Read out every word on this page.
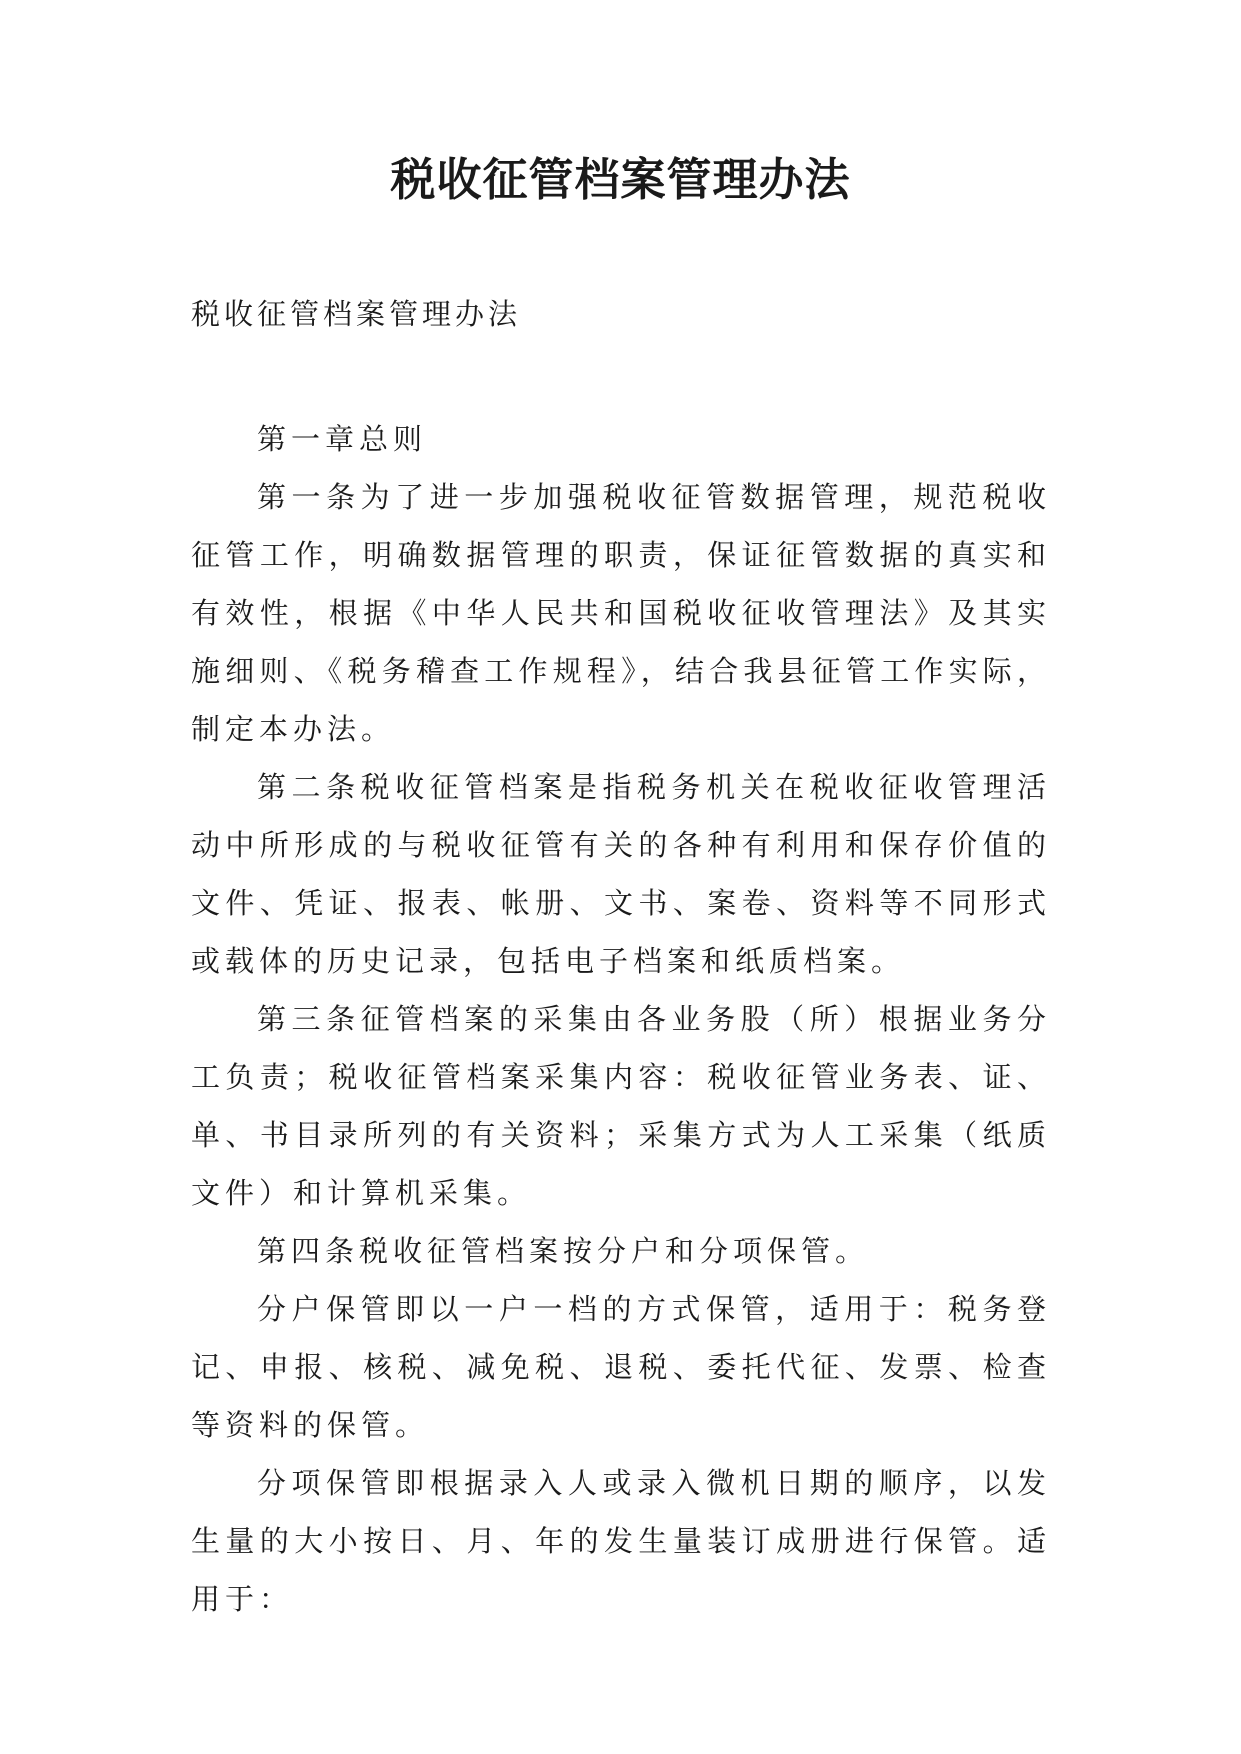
税收征管档案管理办法

税收征管档案管理办法

第一章总则

第一条为了进一步加强税收征管数据管理，规范税收征管工作，明确数据管理的职责，保证征管数据的真实和有效性，根据《中华人民共和国税收征收管理法》及其实施细则、《税务稽查工作规程》，结合我县征管工作实际，制定本办法。

第二条税收征管档案是指税务机关在税收征收管理活动中所形成的与税收征管有关的各种有利用和保存价值的文件、凭证、报表、帐册、文书、案卷、资料等不同形式或载体的历史记录，包括电子档案和纸质档案。

第三条征管档案的采集由各业务股（所）根据业务分工负责；税收征管档案采集内容：税收征管业务表、证、单、书目录所列的有关资料；采集方式为人工采集（纸质文件）和计算机采集。

第四条税收征管档案按分户和分项保管。

分户保管即以一户一档的方式保管，适用于：税务登记、申报、核税、减免税、退税、委托代征、发票、检查等资料的保管。

分项保管即根据录入人或录入微机日期的顺序，以发生量的大小按日、月、年的发生量装订成册进行保管。适用于：
